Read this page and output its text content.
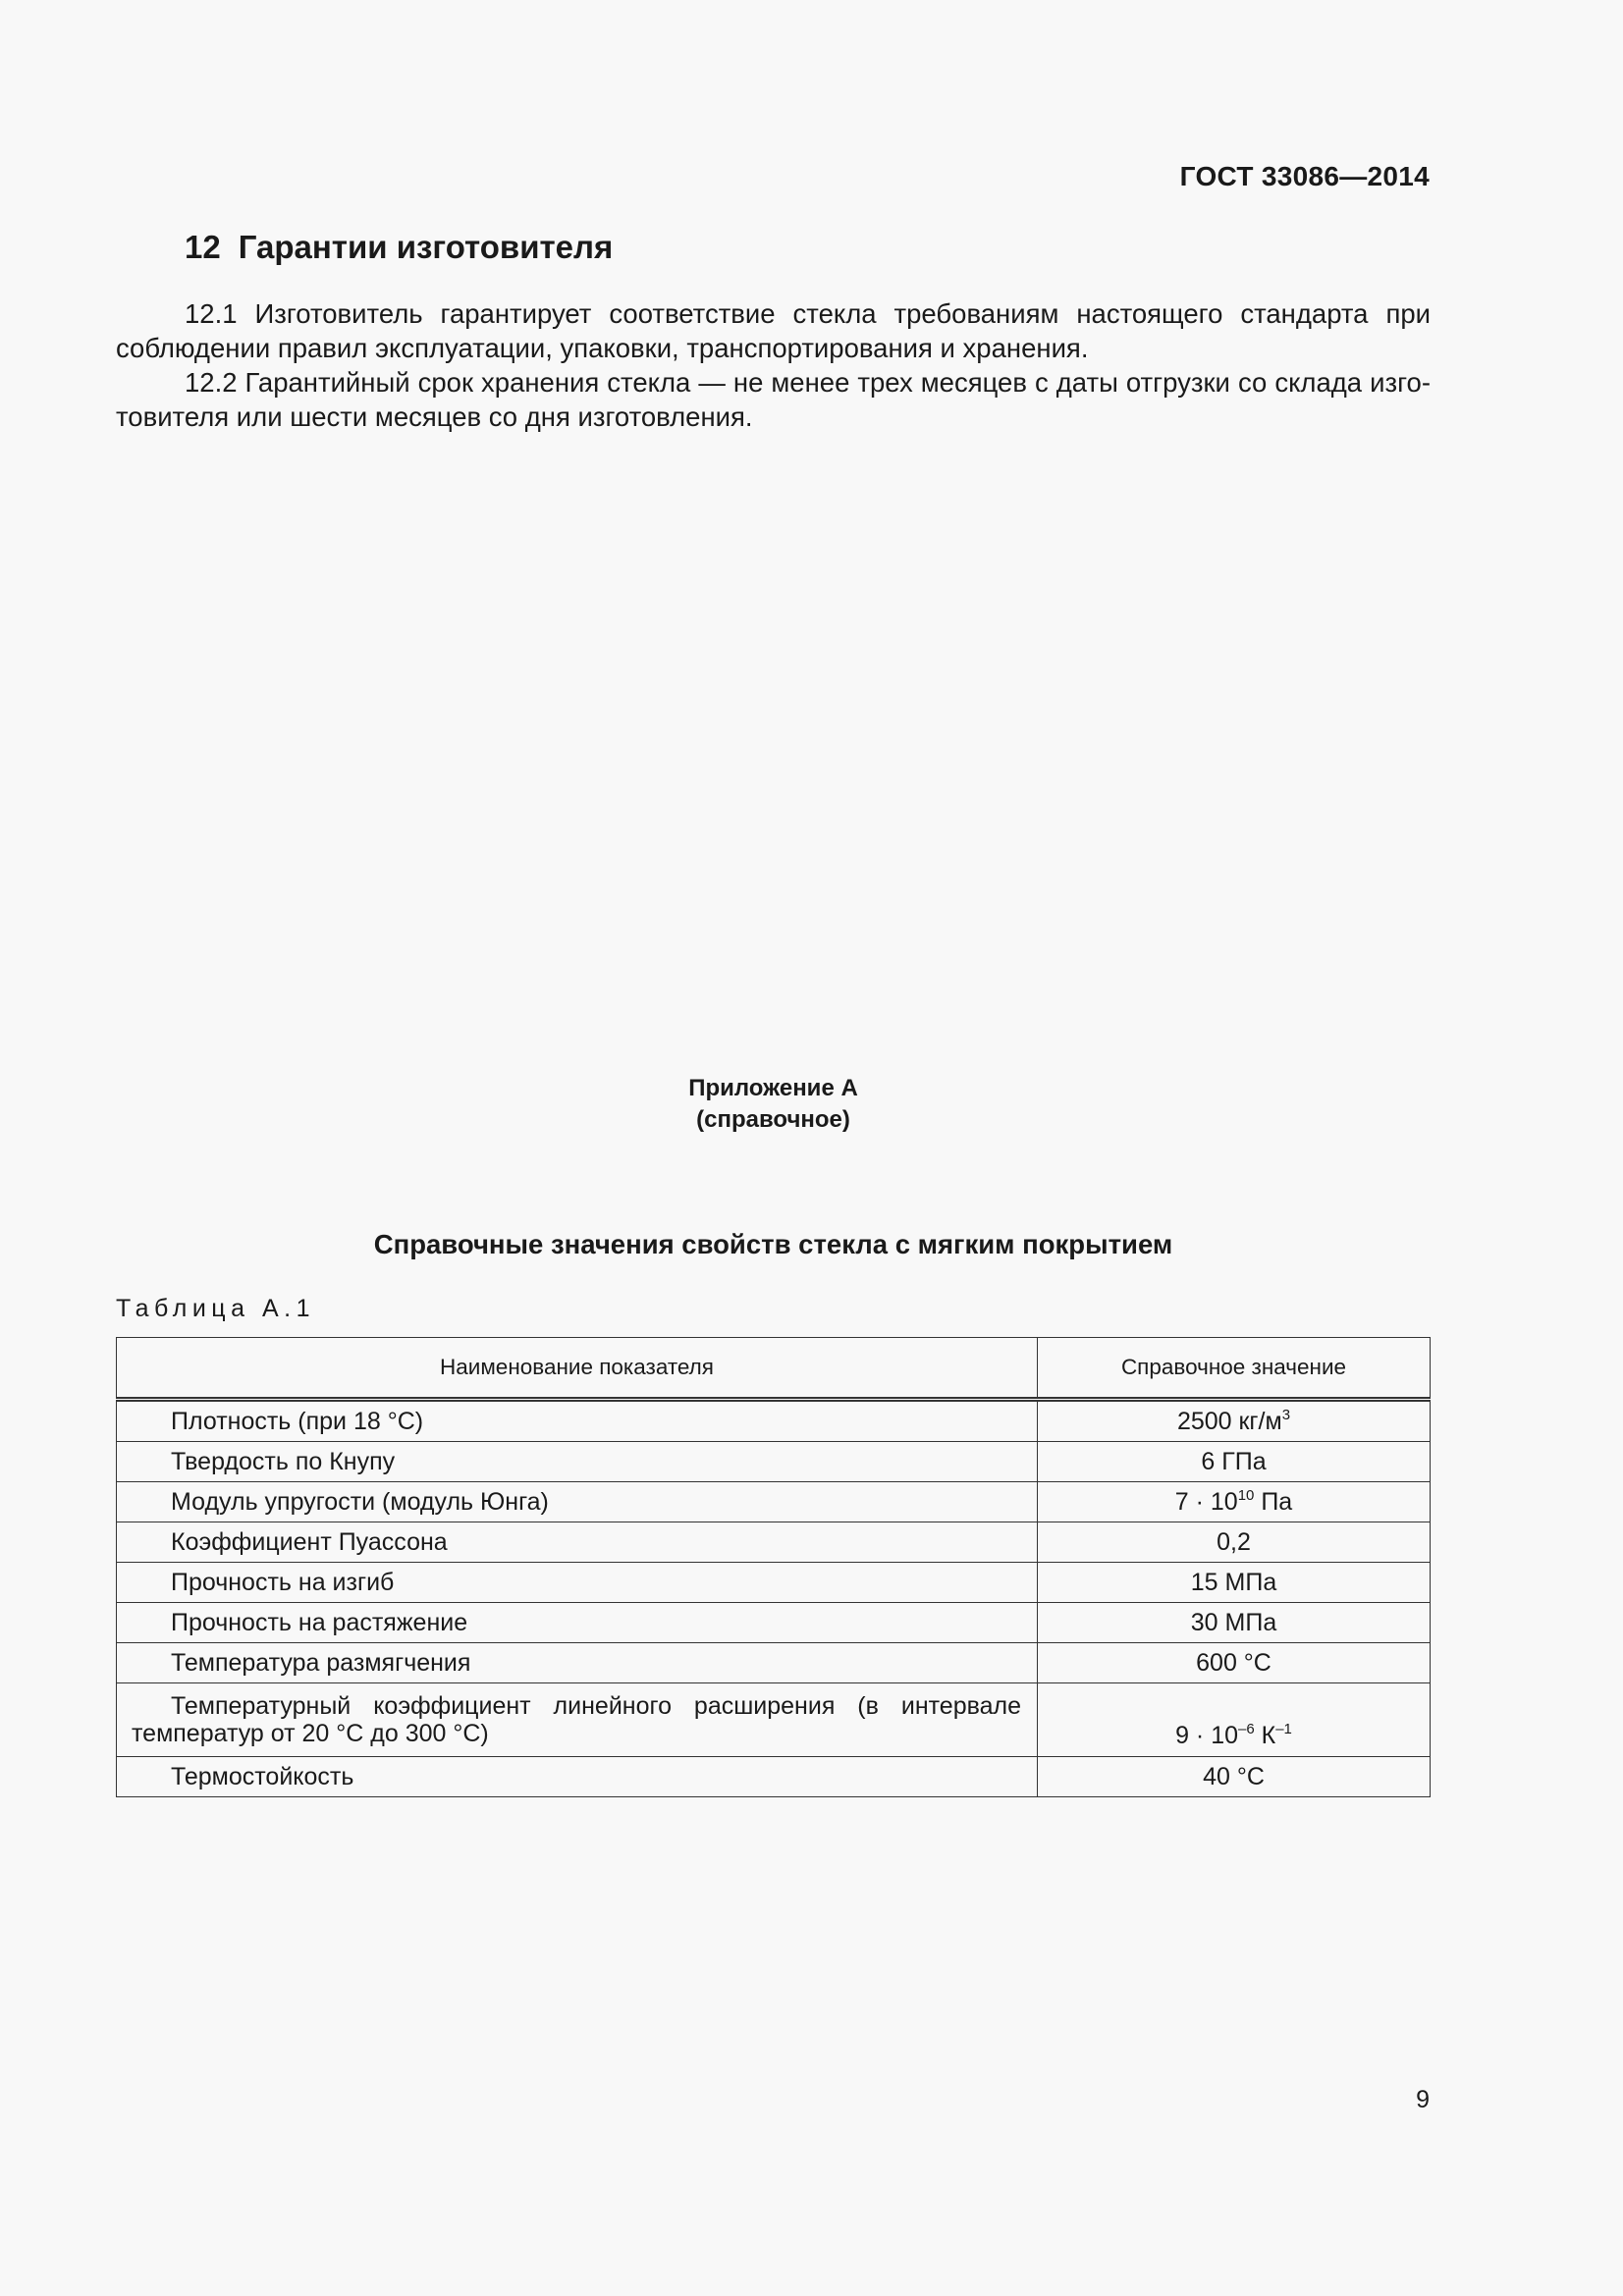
ГОСТ 33086—2014
12 Гарантии изготовителя

12.1 Изготовитель гарантирует соответствие стекла требованиям настоящего стандарта при соблюдении правил эксплуатации, упаковки, транспортирования и хранения.

12.2 Гарантийный срок хранения стекла — не менее трех месяцев с даты отгрузки со склада изготовителя или шести месяцев со дня изготовления.

Приложение А
(справочное)
Справочные значения свойств стекла с мягким покрытием
Таблица А.1
Наименование показателя	Справочное значение
Плотность (при 18 °С)	2500 $кг/м^3$
Твердость по Кнупу	6 ГПа
Модуль упругости (модуль Юнга)	$7 \cdot 10^{10}$ Па
Коэффициент Пуассона	0,2
Прочность на изгиб	15 МПа
Прочность на растяжение	30 МПа
Температура размягчения	600 °С
Температурный коэффициент линейного расширения (в интервале температур от 20 °С до 300 °С)	$9 \cdot 10^{-6}$ $К^{-1}$
Термостойкость	40 °С
9
